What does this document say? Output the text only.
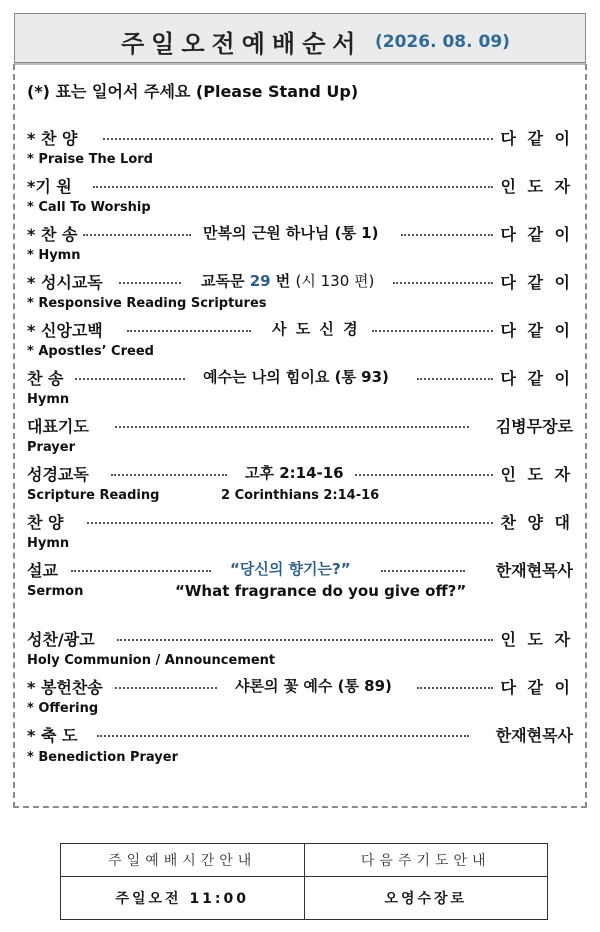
주일오전예배순서 (2026. 08. 09)
(*) 표는 일어서 주세요 (Please Stand Up)
* 찬 양	다 같 이
* Praise The Lord
*기 원	인 도 자
* Call To Worship
* 찬 송	만복의 근원 하나님 (통 1)	다 같 이
* Hymn
* 성시교독	교독문 29 번 (시 130 편)	다 같 이
* Responsive Reading Scriptures
* 신앙고백	사 도 신 경	다 같 이
* Apostles’ Creed
찬 송	예수는 나의 힘이요 (통 93)	다 같 이
Hymn
대표기도	김병무장로
Prayer
성경교독	고후 2:14-16	인 도 자
Scripture Reading	2 Corinthians 2:14-16
찬 양	찬 양 대
Hymn
설교	“당신의 향기는?”	한재현목사
Sermon	“What fragrance do you give off?”
성찬/광고	인 도 자
Holy Communion / Announcement
* 봉헌찬송	샤론의 꽃 예수 (통 89)	다 같 이
* Offering
* 축 도	한재현목사
* Benediction Prayer
주일예배시간안내	다음주기도안내
주일오전 11:00	오영수장로
